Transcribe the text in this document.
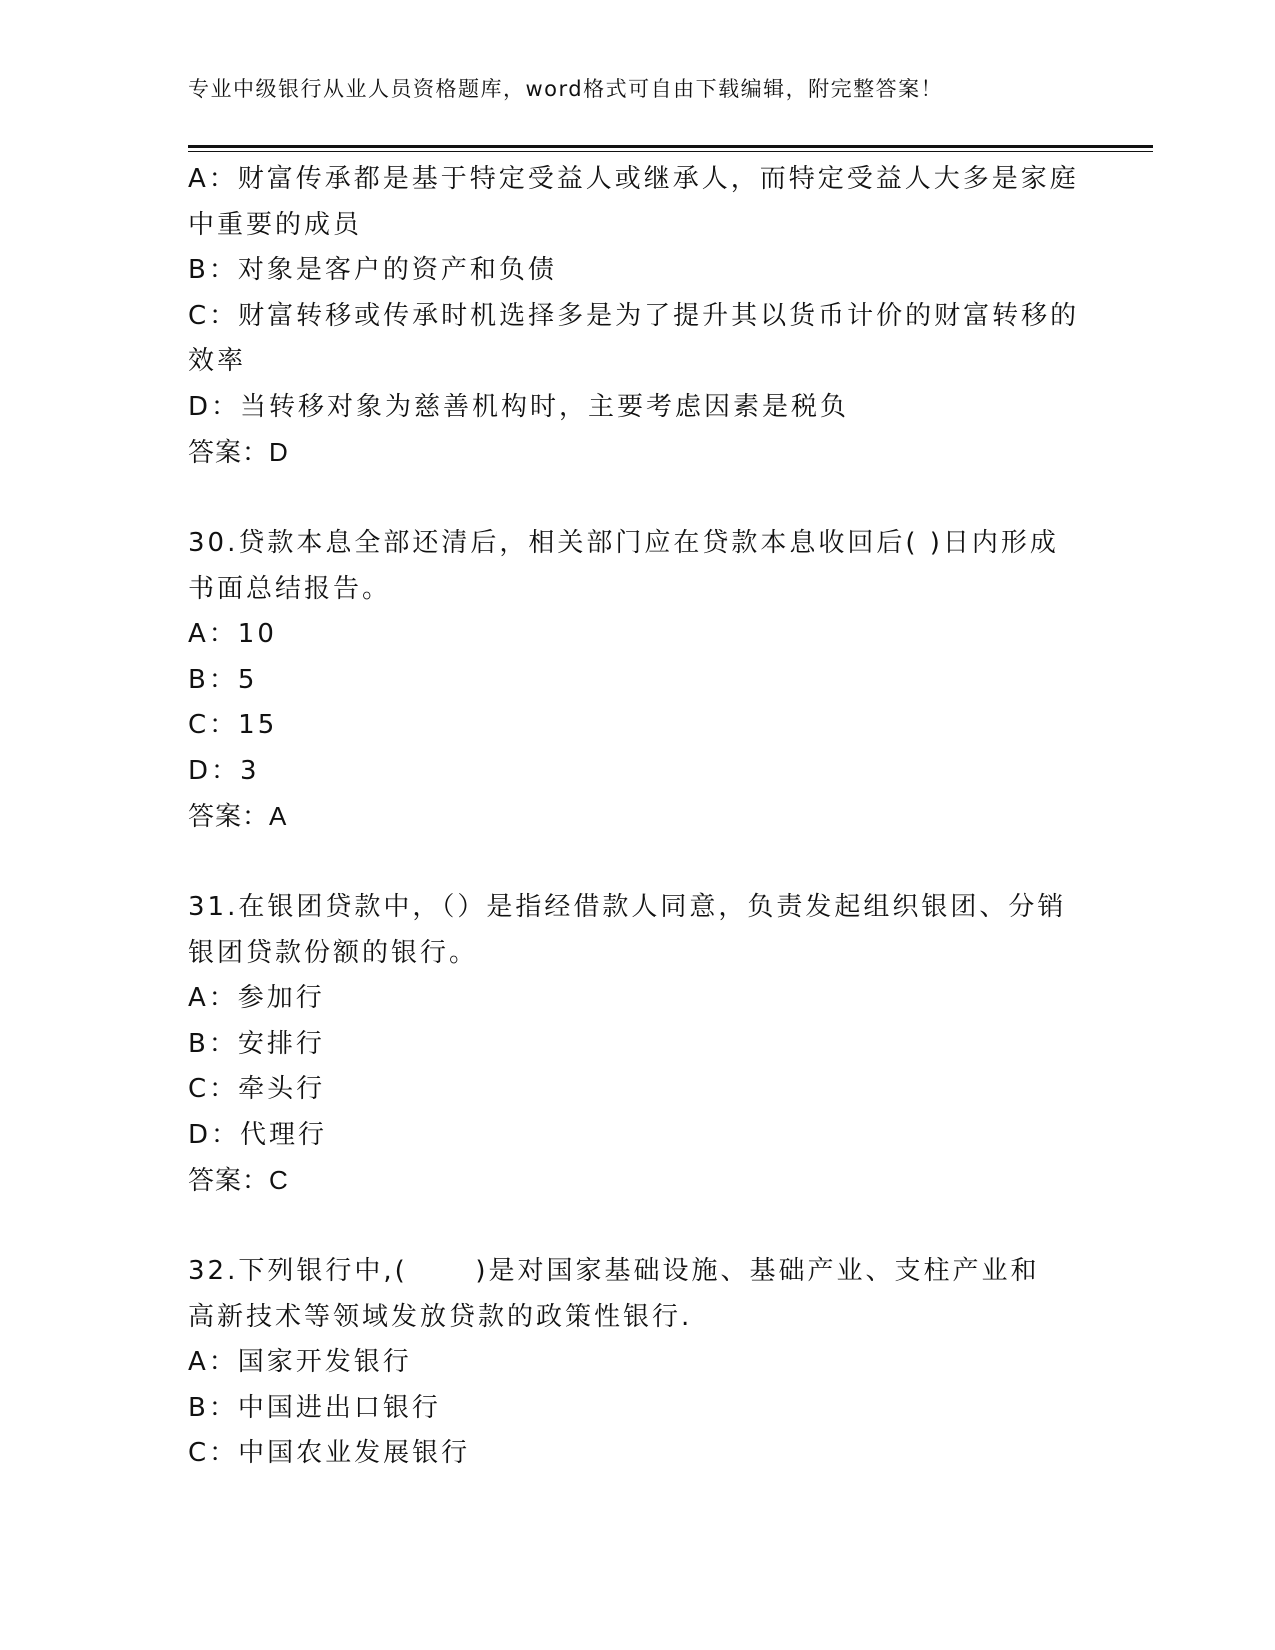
专业中级银行从业人员资格题库，word格式可自由下载编辑，附完整答案！
A：财富传承都是基于特定受益人或继承人，而特定受益人大多是家庭
中重要的成员
B：对象是客户的资产和负债
C：财富转移或传承时机选择多是为了提升其以货币计价的财富转移的
效率
D：当转移对象为慈善机构时，主要考虑因素是税负
答案：D
30.贷款本息全部还清后，相关部门应在贷款本息收回后( )日内形成
书面总结报告。
A：10
B：5
C：15
D：3
答案：A
31.在银团贷款中，（）是指经借款人同意，负责发起组织银团、分销
银团贷款份额的银行。
A：参加行
B：安排行
C：牵头行
D：代理行
答案：C
32.下列银行中,(      )是对国家基础设施、基础产业、支柱产业和
高新技术等领域发放贷款的政策性银行.
A：国家开发银行
B：中国进出口银行
C：中国农业发展银行
